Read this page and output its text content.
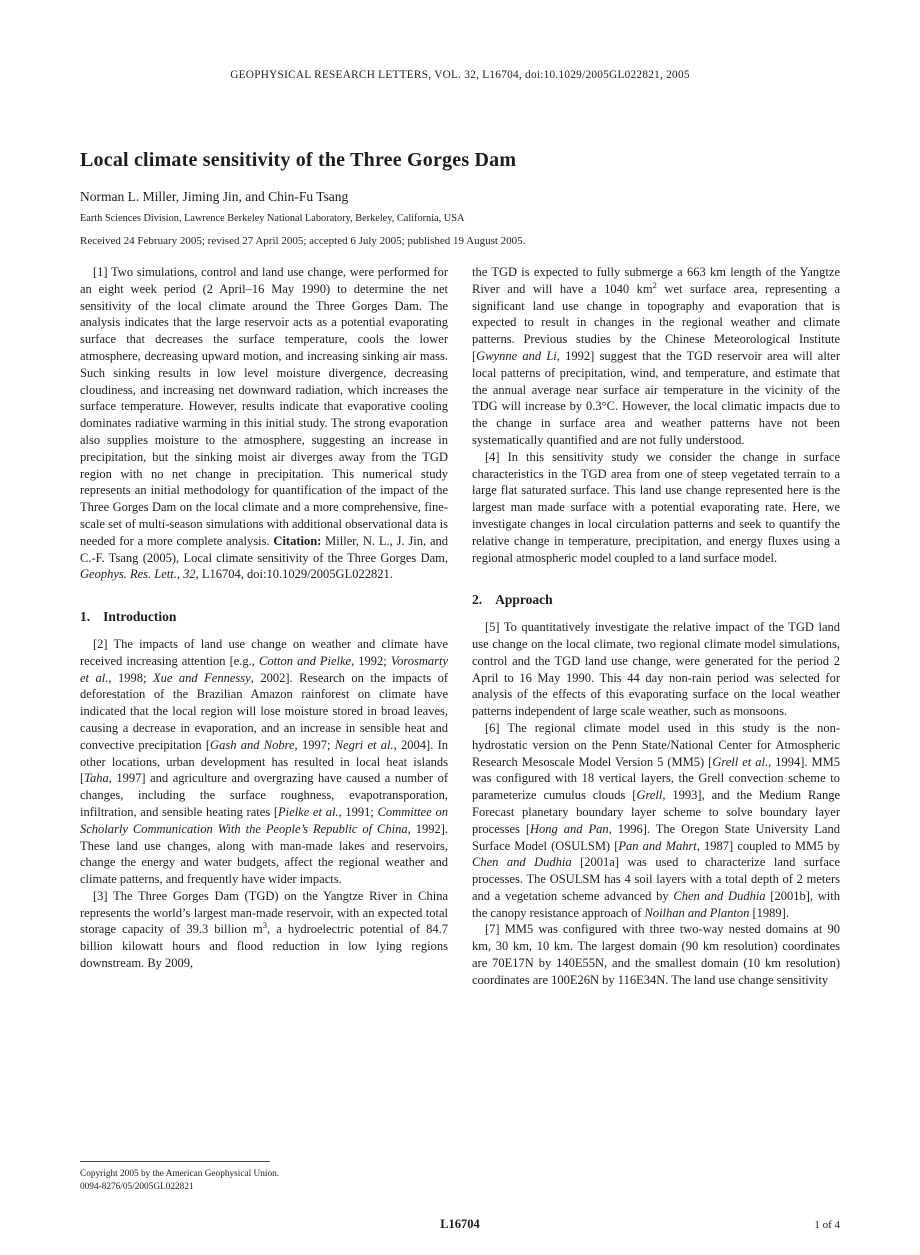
GEOPHYSICAL RESEARCH LETTERS, VOL. 32, L16704, doi:10.1029/2005GL022821, 2005
Local climate sensitivity of the Three Gorges Dam
Norman L. Miller, Jiming Jin, and Chin-Fu Tsang
Earth Sciences Division, Lawrence Berkeley National Laboratory, Berkeley, California, USA
Received 24 February 2005; revised 27 April 2005; accepted 6 July 2005; published 19 August 2005.

[1] Two simulations, control and land use change, were performed for an eight week period (2 April–16 May 1990) to determine the net sensitivity of the local climate around the Three Gorges Dam. The analysis indicates that the large reservoir acts as a potential evaporating surface that decreases the surface temperature, cools the lower atmosphere, decreasing upward motion, and increasing sinking air mass. Such sinking results in low level moisture divergence, decreasing cloudiness, and increasing net downward radiation, which increases the surface temperature. However, results indicate that evaporative cooling dominates radiative warming in this initial study. The strong evaporation also supplies moisture to the atmosphere, suggesting an increase in precipitation, but the sinking moist air diverges away from the TGD region with no net change in precipitation. This numerical study represents an initial methodology for quantification of the impact of the Three Gorges Dam on the local climate and a more comprehensive, fine-scale set of multi-season simulations with additional observational data is needed for a more complete analysis. Citation: Miller, N. L., J. Jin, and C.-F. Tsang (2005), Local climate sensitivity of the Three Gorges Dam, Geophys. Res. Lett., 32, L16704, doi:10.1029/2005GL022821.

1. Introduction

[2] The impacts of land use change on weather and climate have received increasing attention [e.g., Cotton and Pielke, 1992; Vorosmarty et al., 1998; Xue and Fennessy, 2002]. Research on the impacts of deforestation of the Brazilian Amazon rainforest on climate have indicated that the local region will lose moisture stored in broad leaves, causing a decrease in evaporation, and an increase in sensible heat and convective precipitation [Gash and Nobre, 1997; Negri et al., 2004]. In other locations, urban development has resulted in local heat islands [Taha, 1997] and agriculture and overgrazing have caused a number of changes, including the surface roughness, evapotransporation, infiltration, and sensible heating rates [Pielke et al., 1991; Committee on Scholarly Communication With the People’s Republic of China, 1992]. These land use changes, along with man-made lakes and reservoirs, change the energy and water budgets, affect the regional weather and climate patterns, and frequently have wider impacts.

[3] The Three Gorges Dam (TGD) on the Yangtze River in China represents the world’s largest man-made reservoir, with an expected total storage capacity of 39.3 billion $m^3$, a hydroelectric potential of 84.7 billion kilowatt hours and flood reduction in low lying regions downstream. By 2009,

the TGD is expected to fully submerge a 663 km length of the Yangtze River and will have a 1040 $km^2$ wet surface area, representing a significant land use change in topography and evaporation that is expected to result in changes in the regional weather and climate patterns. Previous studies by the Chinese Meteorological Institute [Gwynne and Li, 1992] suggest that the TGD reservoir area will alter local patterns of precipitation, wind, and temperature, and estimate that the annual average near surface air temperature in the vicinity of the TDG will increase by 0.3°C. However, the local climatic impacts due to the change in surface area and weather patterns have not been systematically quantified and are not fully understood.

[4] In this sensitivity study we consider the change in surface characteristics in the TGD area from one of steep vegetated terrain to a large flat saturated surface. This land use change represented here is the largest man made surface with a potential evaporating rate. Here, we investigate changes in local circulation patterns and seek to quantify the relative change in temperature, precipitation, and energy fluxes using a regional atmospheric model coupled to a land surface model.

2. Approach

[5] To quantitatively investigate the relative impact of the TGD land use change on the local climate, two regional climate model simulations, control and the TGD land use change, were generated for the period 2 April to 16 May 1990. This 44 day non-rain period was selected for analysis of the effects of this evaporating surface on the local weather patterns independent of large scale weather, such as monsoons.

[6] The regional climate model used in this study is the non-hydrostatic version on the Penn State/National Center for Atmospheric Research Mesoscale Model Version 5 (MM5) [Grell et al., 1994]. MM5 was configured with 18 vertical layers, the Grell convection scheme to parameterize cumulus clouds [Grell, 1993], and the Medium Range Forecast planetary boundary layer scheme to solve boundary layer processes [Hong and Pan, 1996]. The Oregon State University Land Surface Model (OSULSM) [Pan and Mahrt, 1987] coupled to MM5 by Chen and Dudhia [2001a] was used to characterize land surface processes. The OSULSM has 4 soil layers with a total depth of 2 meters and a vegetation scheme advanced by Chen and Dudhia [2001b], with the canopy resistance approach of Noilhan and Planton [1989].

[7] MM5 was configured with three two-way nested domains at 90 km, 30 km, 10 km. The largest domain (90 km resolution) coordinates are 70E17N by 140E55N, and the smallest domain (10 km resolution) coordinates are 100E26N by 116E34N. The land use change sensitivity

Copyright 2005 by the American Geophysical Union.
0094-8276/05/2005GL022821
L16704	1 of 4
